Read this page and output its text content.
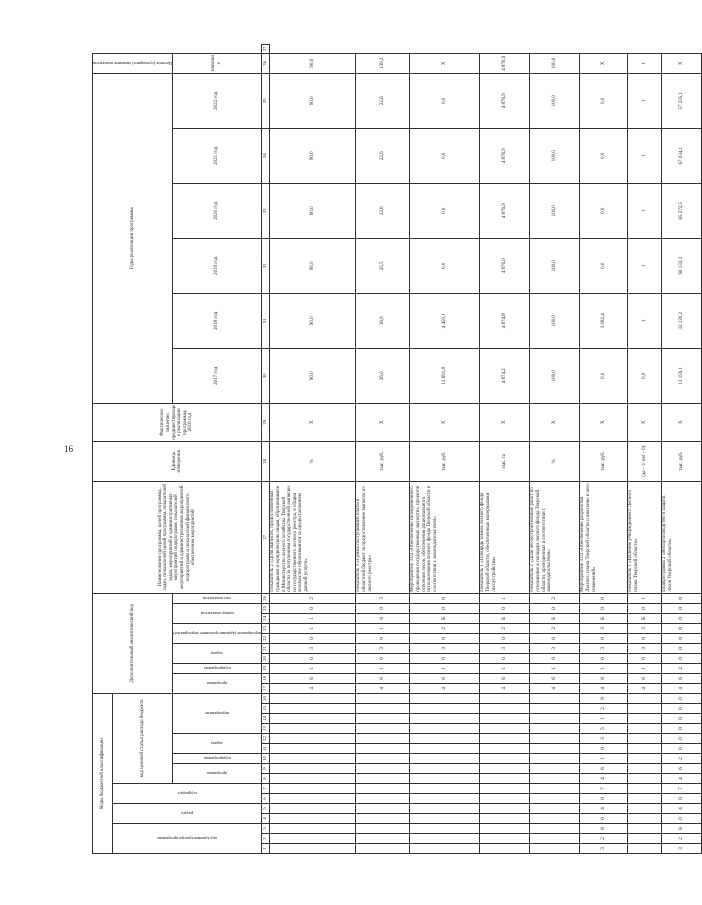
16
Коды бюджетной классификации																Дополнительный аналитический код										Наименование программы, целей программы, задач, показателей целей программы, показателей задач, мероприятий и административных мероприятий подпрограмм, показателей мероприятий и административных мероприятий подпрограмм и показателей финансового обеспечения мероприятий	Единица измерения	Фактическое значение, предшествующее реализации программы, 2016 год	Годы реализации программы						Целевое (суммарное) значение показателя	

код администратора программы			раздел		подраздел		код целевой статьи расхода бюджета																													

							программа		подпрограмма	задача		мероприятие				программа		подпрограмма	задача		мероприятие (административное мероприятие)		номер показателя		тип показателя				2017 год	2018 год	2019 год	2020 год	2021 год	2022 год	значение	
1	2	3	4	5	6	7	8	9	10	11	12	13	14	15	16	17	18	19	20	21	22	23	24	25	26	27	28	29	30	31	32	33	34	35	36	37
																4	6	1	0	3	0	1	1	0	2	Показатель 2 «Доля выписок, предоставленных гражданам и юридическим лицам, обратившимся в Министерство лесного хозяйства Тверской области за получением государственной выписки из государственного лесного реестра, в общем количестве обратившихся за предоставлением данной услуги»	%	X	90,0	90,0	90,0	90,0	90,0	90,0	90,0	
																4	6	1	0	3	0	1	8	0	3	Показатель 3 «Сумма поступившей платы в областной бюджет за предоставление выписок из лесного реестра»	тыс. руб.	X	26,0	16,9	25,5	22,6	22,6	22,6	139,2	
																4	6	1	0	3	0	2	Б	0	0	Мероприятие 3.02 «Обеспечение своевременного проведения государственных экспертиз, проектов освоения лесов, обеспечения рационального использования лесного фонда Тверской области в соответствии с законодательством»	тыс. руб.	X	12 691,8	4 450,1	0,0	0,0	0,0	0,0	X	
																4	6	1	0	3	0	2	Б	0	1	Показатель 1 «Площадь земель лесного фонда Тверской области, обеспеченных материалами лесоустройства»	тыс. га	X	4 874,2	4 874,8	4 876,9	4 876,9	4 876,9	4 876,9	4 876,9	
																4	6	1	0	3	0	2	Б	0	2	Показатель 2 «Доля лесоустроительных работ по отношению к площади лесного фонда Тверской области, проведенных в соответствии с законодательством»	%	X	100,0	100,0	100,0	100,0	100,0	100,0	100,0	
3	2	8	0	4	0	7	4	6	1	0	3	5	1	2	9	4	6	1	0	3	0	3	Б	0	0	Мероприятие 3.03 «Обеспечение разработки Лесного плана Тверской области и внесение в него изменений»	тыс. руб.	X	0,0	3 082,4	0,0	0,0	0,0	0,0	X	
																4	6	1	0	3	0	3	Б	0	1	Показатель 1 «Наличие утвержденного Лесного плана Тверской области»	(да - 1/ нет - 0)	X	0,0	1	1	1	1	1	1	
3	2	8	0	4	0	7	4	6	2	0	0	0	0	0	0	4	6	2	0	0	0	0	0	0	0	Подпрограмма 2 «Воспроизводство и защита лесов Тверской области»	тыс. руб.	X	13 159,1	32 120,2	90 132,3	65 272,5	67 034,1	57 235,1	X	
